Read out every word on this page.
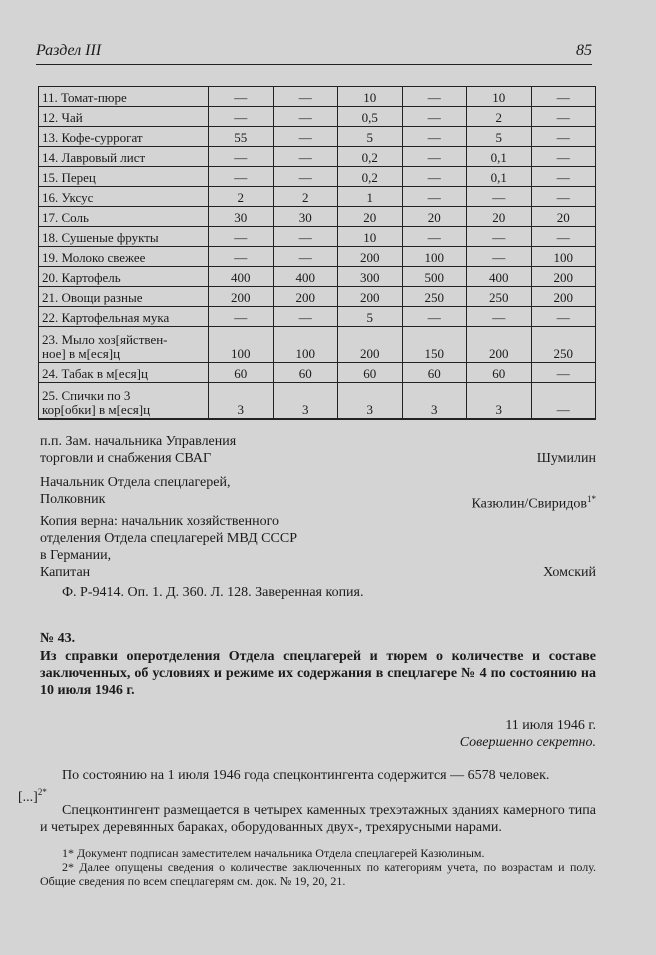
Раздел III	85
11. Томат-пюре	—	—	10	—	10	—
12. Чай	—	—	0,5	—	2	—
13. Кофе-суррогат	55	—	5	—	5	—
14. Лавровый лист	—	—	0,2	—	0,1	—
15. Перец	—	—	0,2	—	0,1	—
16. Уксус	2	2	1	—	—	—
17. Соль	30	30	20	20	20	20
18. Сушеные фрукты	—	—	10	—	—	—
19. Молоко свежее	—	—	200	100	—	100
20. Картофель	400	400	300	500	400	200
21. Овощи разные	200	200	200	250	250	200
22. Картофельная мука	—	—	5	—	—	—
23. Мыло хоз[яйствен-
ное] в м[еся]ц	100	100	200	150	200	250
24. Табак в м[еся]ц	60	60	60	60	60	—
25. Спички по 3
кор[обки] в м[еся]ц	3	3	3	3	3	—
п.п. Зам. начальника Управления
торговли и снабжения СВАГ	Шумилин
Начальник Отдела спецлагерей,
Полковник	Казюлин/Свиридов$^{1*}$
Копия верна: начальник хозяйственного
отделения Отдела спецлагерей МВД СССР
в Германии,
Капитан	Хомский
Ф. Р-9414. Оп. 1. Д. 360. Л. 128. Заверенная копия.
№ 43.
Из справки оперотделения Отдела спецлагерей и тюрем о количестве и составе заключенных, об условиях и режиме их содержания в спецлагере № 4 по состоянию на 10 июля 1946 г.
11 июля 1946 г.
Совершенно секретно.
По состоянию на 1 июля 1946 года спецконтингента содержится — 6578 человек.
[...]$^{2*}$
Спецконтингент размещается в четырех каменных трехэтажных зданиях камерного типа и четырех деревянных бараках, оборудованных двух-, трехярусными нарами.
1* Документ подписан заместителем начальника Отдела спецлагерей Казюлиным.
2* Далее опущены сведения о количестве заключенных по категориям учета, по возрастам и полу. Общие сведения по всем спецлагерям см. док. № 19, 20, 21.
